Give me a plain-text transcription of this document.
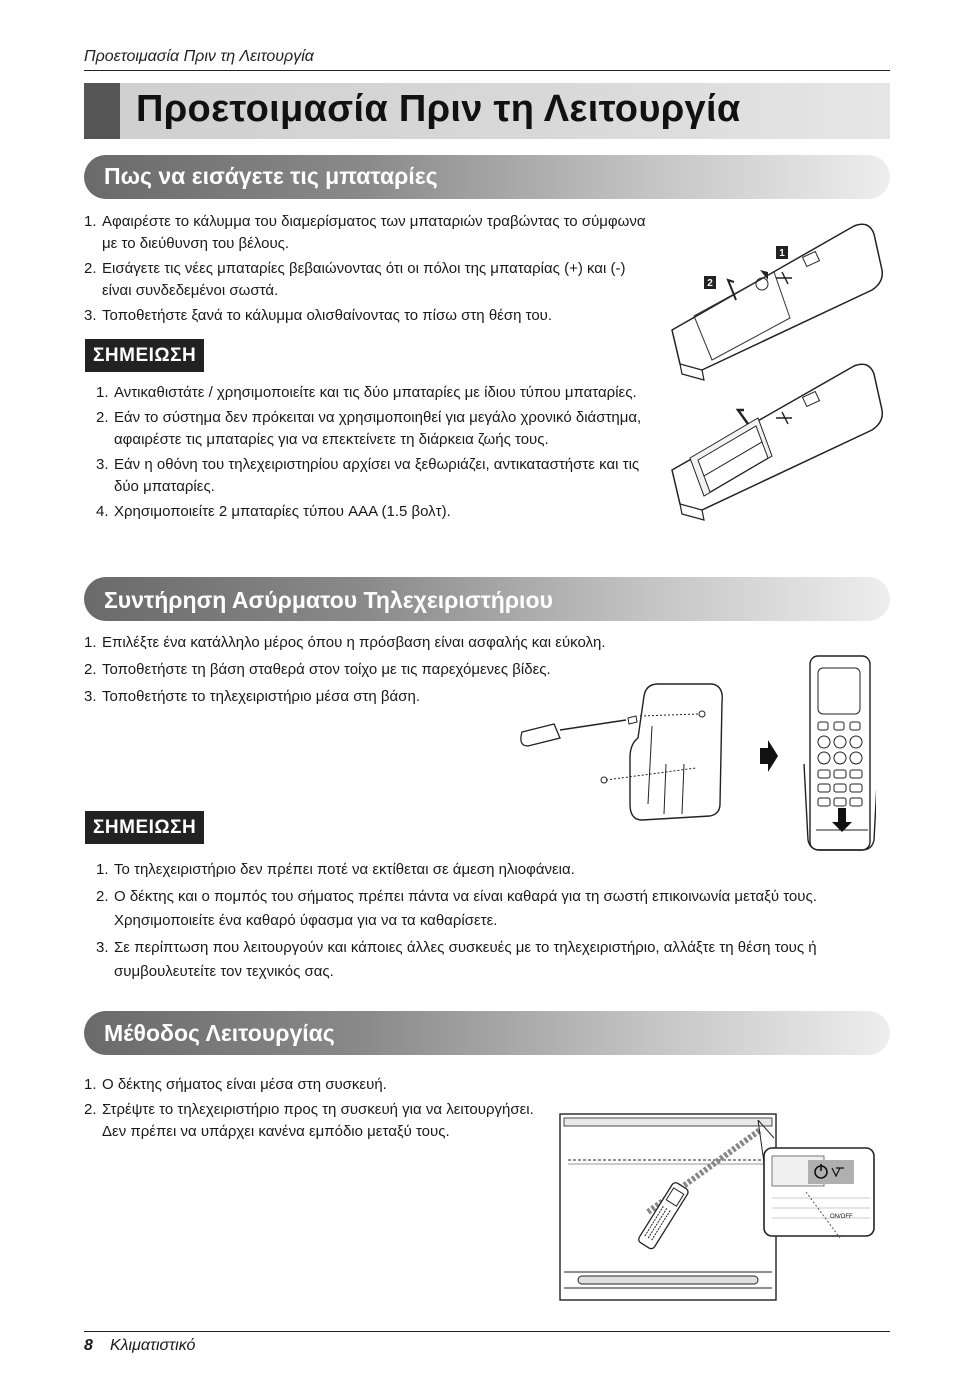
Προετοιμασία Πριν τη Λειτουργία
Προετοιμασία Πριν τη Λειτουργία
Πως να εισάγετε τις μπαταρίες
1. Αφαιρέστε το κάλυμμα του διαμερίσματος των μπαταριών τραβώντας το σύμφωνα με το διεύθυνση του βέλους.
2. Εισάγετε τις νέες μπαταρίες βεβαιώνοντας ότι οι πόλοι της μπαταρίας (+) και (-) είναι συνδεδεμένοι σωστά.
3. Τοποθετήστε ξανά το κάλυμμα ολισθαίνοντας το πίσω στη θέση του.
ΣΗΜΕΙΩΣΗ
1. Αντικαθιστάτε / χρησιμοποιείτε και τις δύο μπαταρίες με ίδιου τύπου μπαταρίες.
2. Εάν το σύστημα δεν πρόκειται να χρησιμοποιηθεί για μεγάλο χρονικό διάστημα, αφαιρέστε τις μπαταρίες για να επεκτείνετε τη διάρκεια ζωής τους.
3. Εάν η οθόνη του τηλεχειριστηρίου αρχίσει να ξεθωριάζει, αντικαταστήστε και τις δύο μπαταρίες.
4. Χρησιμοποιείτε 2 μπαταρίες τύπου AAA (1.5 βολτ).
1
2
Συντήρηση Ασύρματου Τηλεχειριστήριου
1. Επιλέξτε ένα κατάλληλο μέρος όπου η πρόσβαση είναι ασφαλής και εύκολη.
2. Τοποθετήστε τη βάση σταθερά στον τοίχο με τις παρεχόμενες βίδες.
3. Τοποθετήστε το τηλεχειριστήριο μέσα στη βάση.
ΣΗΜΕΙΩΣΗ
1. Το τηλεχειριστήριο δεν πρέπει ποτέ να εκτίθεται σε άμεση ηλιοφάνεια.
2. Ο δέκτης και ο πομπός του σήματος πρέπει πάντα να είναι καθαρά για τη σωστή επικοινωνία μεταξύ τους. Χρησιμοποιείτε ένα καθαρό ύφασμα για να τα καθαρίσετε.
3. Σε περίπτωση που λειτουργούν και κάποιες άλλες συσκευές με το τηλεχειριστήριο, αλλάξτε τη θέση τους ή συμβουλευτείτε τον τεχνικός σας.
Μέθοδος Λειτουργίας
1. Ο δέκτης σήματος είναι μέσα στη συσκευή.
2. Στρέψτε το τηλεχειριστήριο προς τη συσκευή για να λειτουργήσει.
Δεν πρέπει να υπάρχει κανένα εμπόδιο μεταξύ τους.
ON/OFF
8 Κλιματιστικό
